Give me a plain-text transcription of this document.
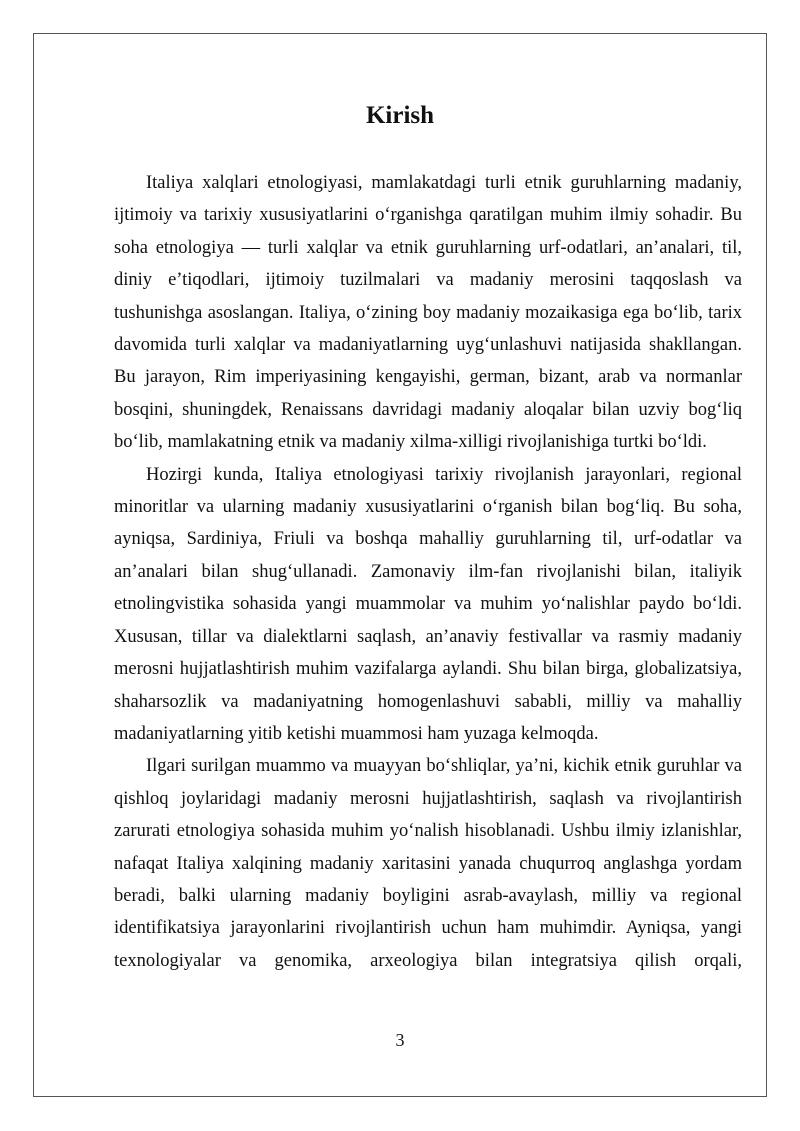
Kirish

Italiya xalqlari etnologiyasi, mamlakatdagi turli etnik guruhlarning madaniy, ijtimoiy va tarixiy xususiyatlarini o‘rganishga qaratilgan muhim ilmiy sohadir. Bu soha etnologiya — turli xalqlar va etnik guruhlarning urf-odatlari, an’analari, til, diniy e’tiqodlari, ijtimoiy tuzilmalari va madaniy merosini taqqoslash va tushunishga asoslangan. Italiya, o‘zining boy madaniy mozaikasiga ega bo‘lib, tarix davomida turli xalqlar va madaniyatlarning uyg‘unlashuvi natijasida shakllangan. Bu jarayon, Rim imperiyasining kengayishi, german, bizant, arab va normanlar bosqini, shuningdek, Renaissans davridagi madaniy aloqalar bilan uzviy bog‘liq bo‘lib, mamlakatning etnik va madaniy xilma-xilligi rivojlanishiga turtki bo‘ldi.

Hozirgi kunda, Italiya etnologiyasi tarixiy rivojlanish jarayonlari, regional minoritlar va ularning madaniy xususiyatlarini o‘rganish bilan bog‘liq. Bu soha, ayniqsa, Sardiniya, Friuli va boshqa mahalliy guruhlarning til, urf-odatlar va an’analari bilan shug‘ullanadi. Zamonaviy ilm-fan rivojlanishi bilan, italiyik etnolingvistika sohasida yangi muammolar va muhim yo‘nalishlar paydo bo‘ldi. Xususan, tillar va dialektlarni saqlash, an’anaviy festivallar va rasmiy madaniy merosni hujjatlashtirish muhim vazifalarga aylandi. Shu bilan birga, globalizatsiya, shaharsozlik va madaniyatning homogenlashuvi sababli, milliy va mahalliy madaniyatlarning yitib ketishi muammosi ham yuzaga kelmoqda.

Ilgari surilgan muammo va muayyan bo‘shliqlar, ya’ni, kichik etnik guruhlar va qishloq joylaridagi madaniy merosni hujjatlashtirish, saqlash va rivojlantirish zarurati etnologiya sohasida muhim yo‘nalish hisoblanadi. Ushbu ilmiy izlanishlar, nafaqat Italiya xalqining madaniy xaritasini yanada chuqurroq anglashga yordam beradi, balki ularning madaniy boyligini asrab-avaylash, milliy va regional identifikatsiya jarayonlarini rivojlantirish uchun ham muhimdir. Ayniqsa, yangi texnologiyalar va genomika, arxeologiya bilan integratsiya qilish orqali,

3
